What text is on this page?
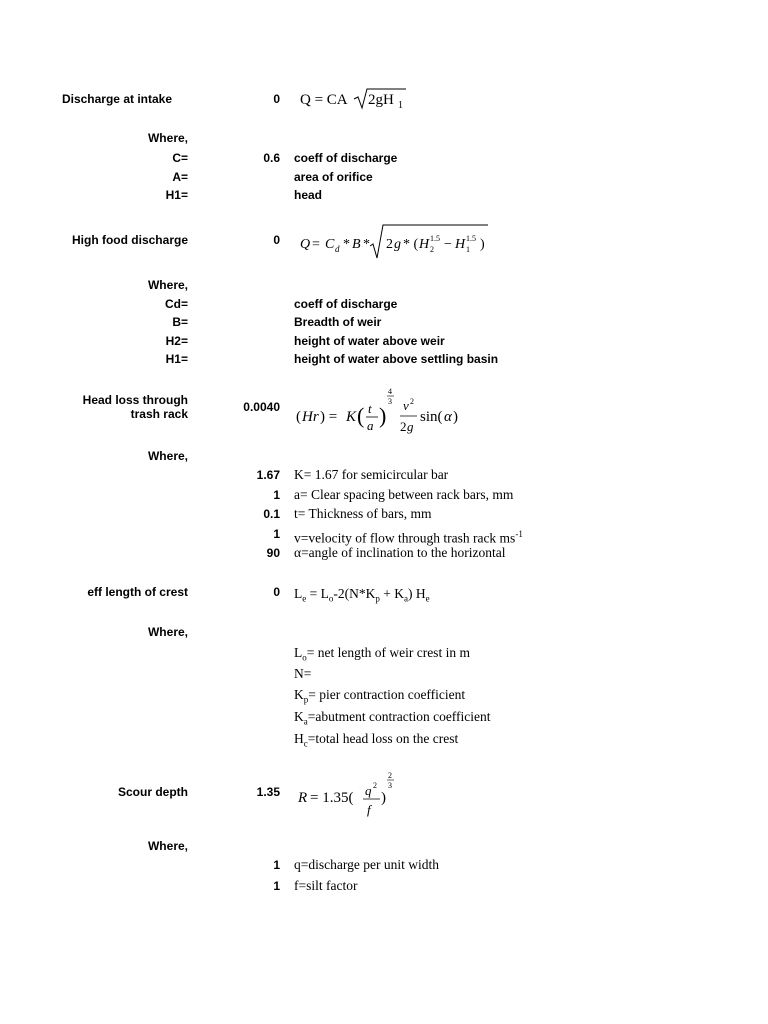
Discharge at intake	0 Q = CA 2gH 1
Where,
C=	0.6 coeff of discharge
A=	area of orifice
H1=	head
High food discharge	0 Q = C d * B * 2 g * ( H 2
1.5 − H 1
1.5 )
Where,
Cd=	coeff of discharge
B=	Breadth of weir
H2=	height of water above weir
H1=	height of water above settling basin
Head loss through
trash rack	0.0040
( Hr ) = K ( t
a )
4
3 v 2
2 g
sin( α )
Where,
1.67 K= 1.67 for semicircular bar
1 a= Clear spacing between rack bars, mm
0.1 t= Thickness of bars, mm
1 v=velocity of flow through trash rack $ms^{-1}$
90 α=angle of inclination to the horizontal
eff length of crest	0 $L_e = L_o-2(N*K_p + K_a)$ $H_e$
Where,
$L_o=$ net length of weir crest in m
N=
$K_p=$ pier contraction coefficient
$K_a=abutment$ contraction coefficient
$H_c=total$ head loss on the crest
Scour depth	1.35 R = 1.35( q 2
f
)
2
3
Where,
1 q=discharge per unit width
1 f=silt factor
